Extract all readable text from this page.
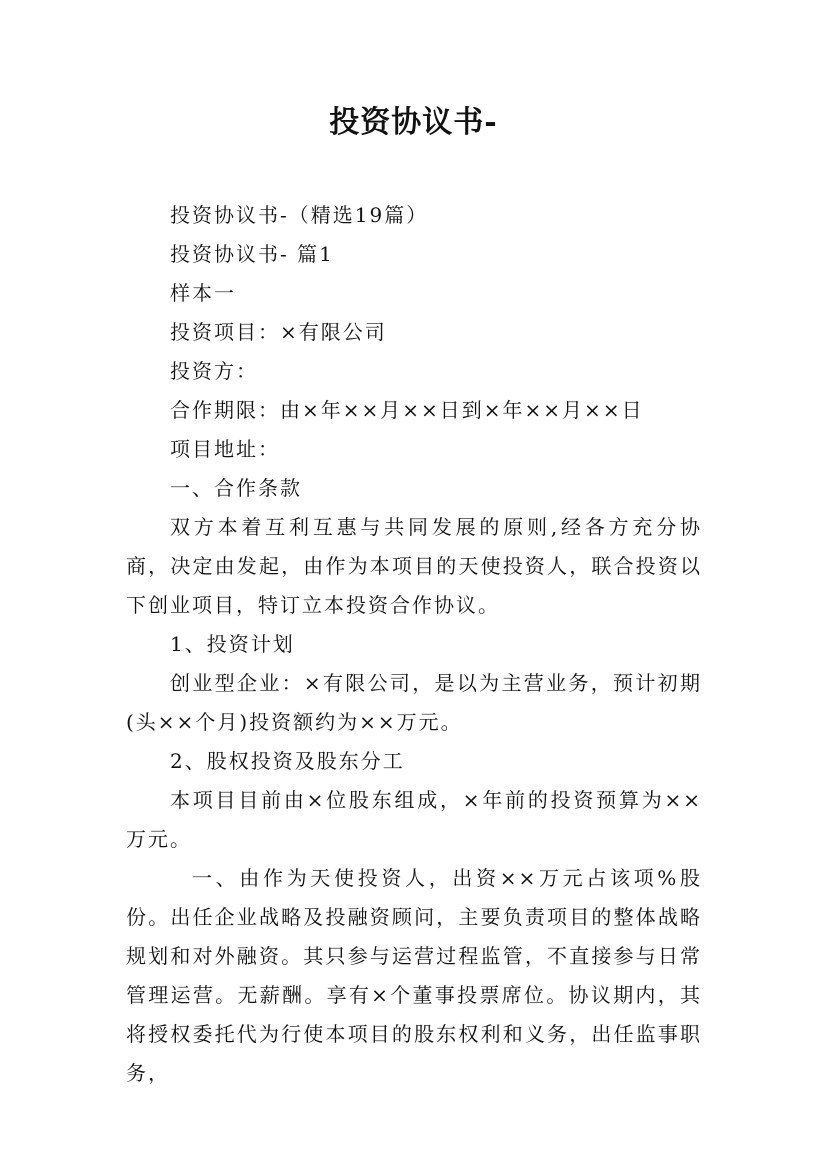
投资协议书-

投资协议书-（精选19篇）

投资协议书- 篇1

样本一

投资项目：×有限公司

投资方：

合作期限：由×年××月××日到×年××月××日

项目地址：

一、合作条款

双方本着互利互惠与共同发展的原则,经各方充分协商，决定由发起，由作为本项目的天使投资人，联合投资以下创业项目，特订立本投资合作协议。

1、投资计划

创业型企业：×有限公司，是以为主营业务，预计初期(头××个月)投资额约为××万元。

2、股权投资及股东分工

本项目目前由×位股东组成，×年前的投资预算为××万元。

一、由作为天使投资人，出资××万元占该项%股份。出任企业战略及投融资顾问，主要负责项目的整体战略规划和对外融资。其只参与运营过程监管，不直接参与日常管理运营。无薪酬。享有×个董事投票席位。协议期内，其将授权委托代为行使本项目的股东权利和义务，出任监事职务，
